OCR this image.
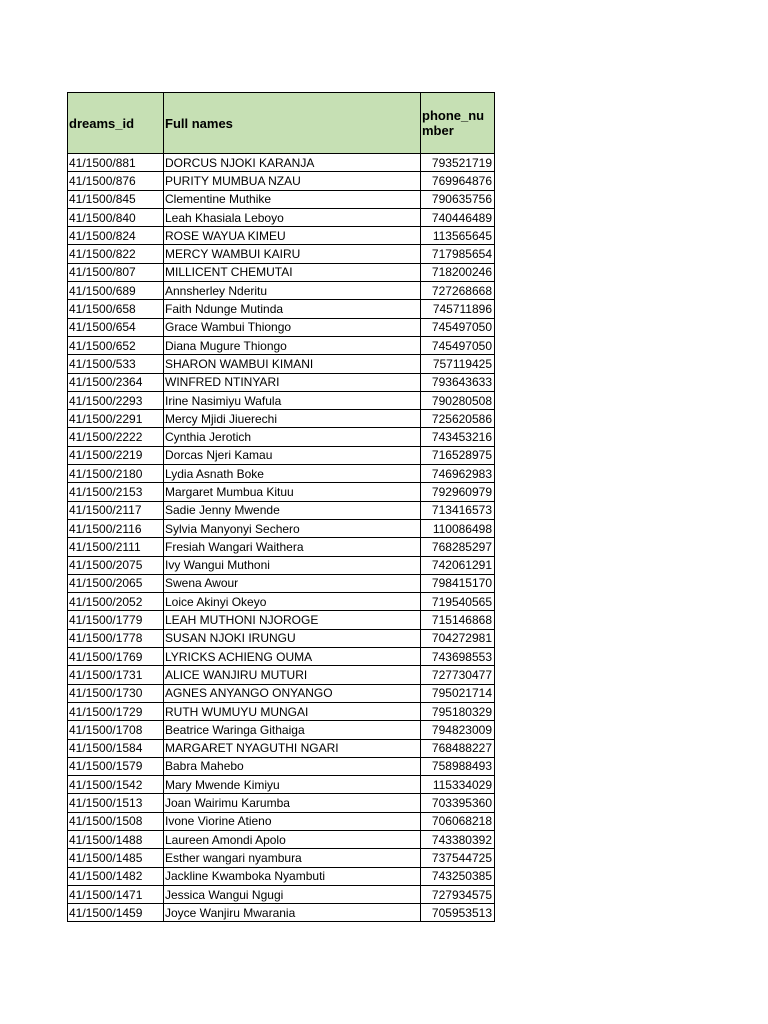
dreams_id	Full names	phone_number
41/1500/881	DORCUS NJOKI KARANJA	793521719
41/1500/876	PURITY MUMBUA NZAU	769964876
41/1500/845	Clementine Muthike	790635756
41/1500/840	Leah Khasiala Leboyo	740446489
41/1500/824	ROSE WAYUA KIMEU	113565645
41/1500/822	MERCY WAMBUI KAIRU	717985654
41/1500/807	MILLICENT CHEMUTAI	718200246
41/1500/689	Annsherley Nderitu	727268668
41/1500/658	Faith Ndunge Mutinda	745711896
41/1500/654	Grace Wambui Thiongo	745497050
41/1500/652	Diana Mugure Thiongo	745497050
41/1500/533	SHARON WAMBUI KIMANI	757119425
41/1500/2364	WINFRED NTINYARI	793643633
41/1500/2293	Irine Nasimiyu Wafula	790280508
41/1500/2291	Mercy Mjidi Jiuerechi	725620586
41/1500/2222	Cynthia Jerotich	743453216
41/1500/2219	Dorcas Njeri Kamau	716528975
41/1500/2180	Lydia Asnath Boke	746962983
41/1500/2153	Margaret Mumbua Kituu	792960979
41/1500/2117	Sadie Jenny Mwende	713416573
41/1500/2116	Sylvia Manyonyi Sechero	110086498
41/1500/2111	Fresiah Wangari Waithera	768285297
41/1500/2075	Ivy Wangui Muthoni	742061291
41/1500/2065	Swena Awour	798415170
41/1500/2052	Loice Akinyi Okeyo	719540565
41/1500/1779	LEAH MUTHONI NJOROGE	715146868
41/1500/1778	SUSAN NJOKI IRUNGU	704272981
41/1500/1769	LYRICKS ACHIENG OUMA	743698553
41/1500/1731	ALICE WANJIRU MUTURI	727730477
41/1500/1730	AGNES ANYANGO ONYANGO	795021714
41/1500/1729	RUTH WUMUYU MUNGAI	795180329
41/1500/1708	Beatrice Waringa Githaiga	794823009
41/1500/1584	MARGARET NYAGUTHI NGARI	768488227
41/1500/1579	Babra Mahebo	758988493
41/1500/1542	Mary Mwende Kimiyu	115334029
41/1500/1513	Joan Wairimu Karumba	703395360
41/1500/1508	Ivone Viorine Atieno	706068218
41/1500/1488	Laureen Amondi Apolo	743380392
41/1500/1485	Esther wangari nyambura	737544725
41/1500/1482	Jackline Kwamboka Nyambuti	743250385
41/1500/1471	Jessica Wangui Ngugi	727934575
41/1500/1459	Joyce Wanjiru Mwarania	705953513
